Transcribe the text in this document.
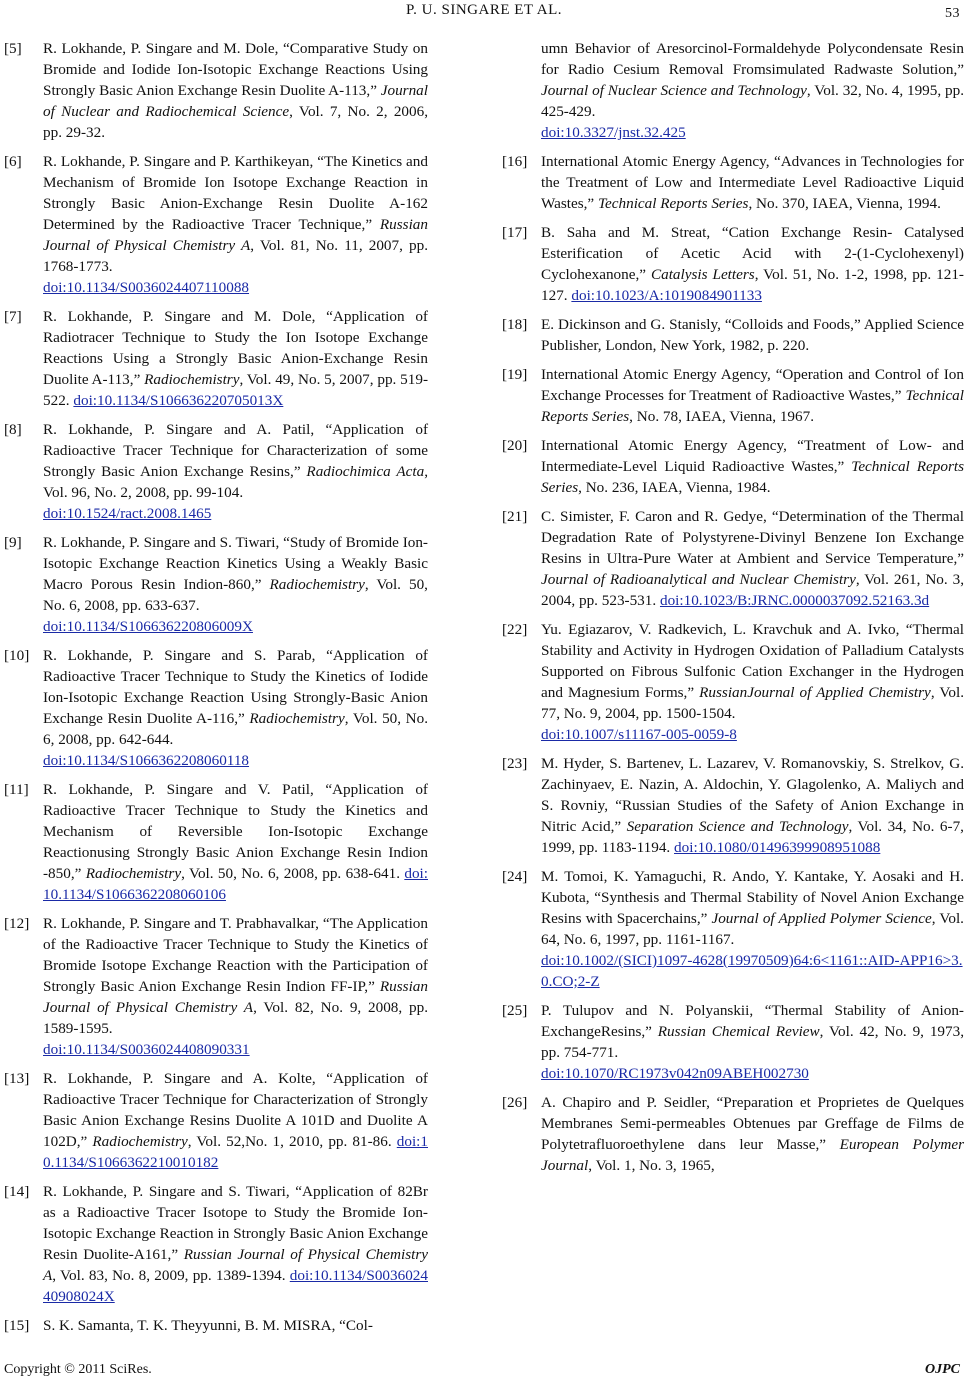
P. U. SINGARE ET AL.	53
[5]	R. Lokhande, P. Singare and M. Dole, “Comparative Study on Bromide and Iodide Ion-Isotopic Exchange Reactions Using Strongly Basic Anion Exchange Resin Duolite A-113,” Journal of Nuclear and Radiochemical Science, Vol. 7, No. 2, 2006, pp. 29-32.
[6]	R. Lokhande, P. Singare and P. Karthikeyan, “The Kinetics and Mechanism of Bromide Ion Isotope Exchange Reaction in Strongly Basic Anion-Exchange Resin Duolite A-162 Determined by the Radioactive Tracer Technique,” Russian Journal of Physical Chemistry A, Vol. 81, No. 11, 2007, pp. 1768-1773.
doi:10.1134/S0036024407110088
[7]	R. Lokhande, P. Singare and M. Dole, “Application of Radiotracer Technique to Study the Ion Isotope Exchange Reactions Using a Strongly Basic Anion-Exchange Resin Duolite A-113,” Radiochemistry, Vol. 49, No. 5, 2007, pp. 519-522. doi:10.1134/S106636220705013X
[8]	R. Lokhande, P. Singare and A. Patil, “Application of Radioactive Tracer Technique for Characterization of some Strongly Basic Anion Exchange Resins,” Radiochimica Acta, Vol. 96, No. 2, 2008, pp. 99-104.
doi:10.1524/ract.2008.1465
[9]	R. Lokhande, P. Singare and S. Tiwari, “Study of Bromide Ion-Isotopic Exchange Reaction Kinetics Using a Weakly Basic Macro Porous Resin Indion-860,” Radiochemistry, Vol. 50, No. 6, 2008, pp. 633-637.
doi:10.1134/S106636220806009X
[10] R. Lokhande, P. Singare and S. Parab, “Application of Radioactive Tracer Technique to Study the Kinetics of Iodide Ion-Isotopic Exchange Reaction Using Strongly-Basic Anion Exchange Resin Duolite A-116,” Radiochemistry, Vol. 50, No. 6, 2008, pp. 642-644.
doi:10.1134/S1066362208060118
[11] R. Lokhande, P. Singare and V. Patil, “Application of Radioactive Tracer Technique to Study the Kinetics and Mechanism of Reversible Ion-Isotopic Exchange Reactionusing Strongly Basic Anion Exchange Resin Indion -850,” Radiochemistry, Vol. 50, No. 6, 2008, pp. 638-641. doi:10.1134/S1066362208060106
[12] R. Lokhande, P. Singare and T. Prabhavalkar, “The Application of the Radioactive Tracer Technique to Study the Kinetics of Bromide Isotope Exchange Reaction with the Participation of Strongly Basic Anion Exchange Resin Indion FF-IP,” Russian Journal of Physical Chemistry A, Vol. 82, No. 9, 2008, pp. 1589-1595.
doi:10.1134/S0036024408090331
[13] R. Lokhande, P. Singare and A. Kolte, “Application of Radioactive Tracer Technique for Characterization of Strongly Basic Anion Exchange Resins Duolite A 101D and Duolite A 102D,” Radiochemistry, Vol. 52,No. 1, 2010, pp. 81-86. doi:10.1134/S1066362210010182
[14] R. Lokhande, P. Singare and S. Tiwari, “Application of 82Br as a Radioactive Tracer Isotope to Study the Bromide Ion-Isotopic Exchange Reaction in Strongly Basic Anion Exchange Resin Duolite-A161,” Russian Journal of Physical Chemistry A, Vol. 83, No. 8, 2009, pp. 1389-1394. doi:10.1134/S003602440908024X
[15] S. K. Samanta, T. K. Theyyunni, B. M. MISRA, “Col-
umn Behavior of Aresorcinol-Formaldehyde Polycondensate Resin for Radio Cesium Removal Fromsimulated Radwaste Solution,” Journal of Nuclear Science and Technology, Vol. 32, No. 4, 1995, pp. 425-429.
doi:10.3327/jnst.32.425
[16] International Atomic Energy Agency, “Advances in Technologies for the Treatment of Low and Intermediate Level Radioactive Liquid Wastes,” Technical Reports Series, No. 370, IAEA, Vienna, 1994.
[17] B. Saha and M. Streat, “Cation Exchange Resin- Catalysed Esterification of Acetic Acid with 2-(1-Cyclohexenyl) Cyclohexanone,” Catalysis Letters, Vol. 51, No. 1-2, 1998, pp. 121-127. doi:10.1023/A:1019084901133
[18] E. Dickinson and G. Stanisly, “Colloids and Foods,” Applied Science Publisher, London, New York, 1982, p. 220.
[19] International Atomic Energy Agency, “Operation and Control of Ion Exchange Processes for Treatment of Radioactive Wastes,” Technical Reports Series, No. 78, IAEA, Vienna, 1967.
[20] International Atomic Energy Agency, “Treatment of Low- and Intermediate-Level Liquid Radioactive Wastes,” Technical Reports Series, No. 236, IAEA, Vienna, 1984.
[21] C. Simister, F. Caron and R. Gedye, “Determination of the Thermal Degradation Rate of Polystyrene-Divinyl Benzene Ion Exchange Resins in Ultra-Pure Water at Ambient and Service Temperature,” Journal of Radioanalytical and Nuclear Chemistry, Vol. 261, No. 3, 2004, pp. 523-531. doi:10.1023/B:JRNC.0000037092.52163.3d
[22] Yu. Egiazarov, V. Radkevich, L. Kravchuk and A. Ivko, “Thermal Stability and Activity in Hydrogen Oxidation of Palladium Catalysts Supported on Fibrous Sulfonic Cation Exchanger in the Hydrogen and Magnesium Forms,” RussianJournal of Applied Chemistry, Vol. 77, No. 9, 2004, pp. 1500-1504.
doi:10.1007/s11167-005-0059-8
[23] M. Hyder, S. Bartenev, L. Lazarev, V. Romanovskiy, S. Strelkov, G. Zachinyaev, E. Nazin, A. Aldochin, Y. Glagolenko, A. Maliych and S. Rovniy, “Russian Studies of the Safety of Anion Exchange in Nitric Acid,” Separation Science and Technology, Vol. 34, No. 6-7, 1999, pp. 1183-1194. doi:10.1080/01496399908951088
[24] M. Tomoi, K. Yamaguchi, R. Ando, Y. Kantake, Y. Aosaki and H. Kubota, “Synthesis and Thermal Stability of Novel Anion Exchange Resins with Spacerchains,” Journal of Applied Polymer Science, Vol. 64, No. 6, 1997, pp. 1161-1167.
doi:10.1002/(SICI)1097-4628(19970509)64:6<1161::AID-APP16>3.0.CO;2-Z
[25] P. Tulupov and N. Polyanskii, “Thermal Stability of Anion-ExchangeResins,” Russian Chemical Review, Vol. 42, No. 9, 1973, pp. 754-771.
doi:10.1070/RC1973v042n09ABEH002730
[26] A. Chapiro and P. Seidler, “Preparation et Proprietes de Quelques Membranes Semi-permeables Obtenues par Greffage de Films de Polytetrafluoroethylene dans leur Masse,” European Polymer Journal, Vol. 1, No. 3, 1965,
Copyright © 2011 SciRes.	OJPC
